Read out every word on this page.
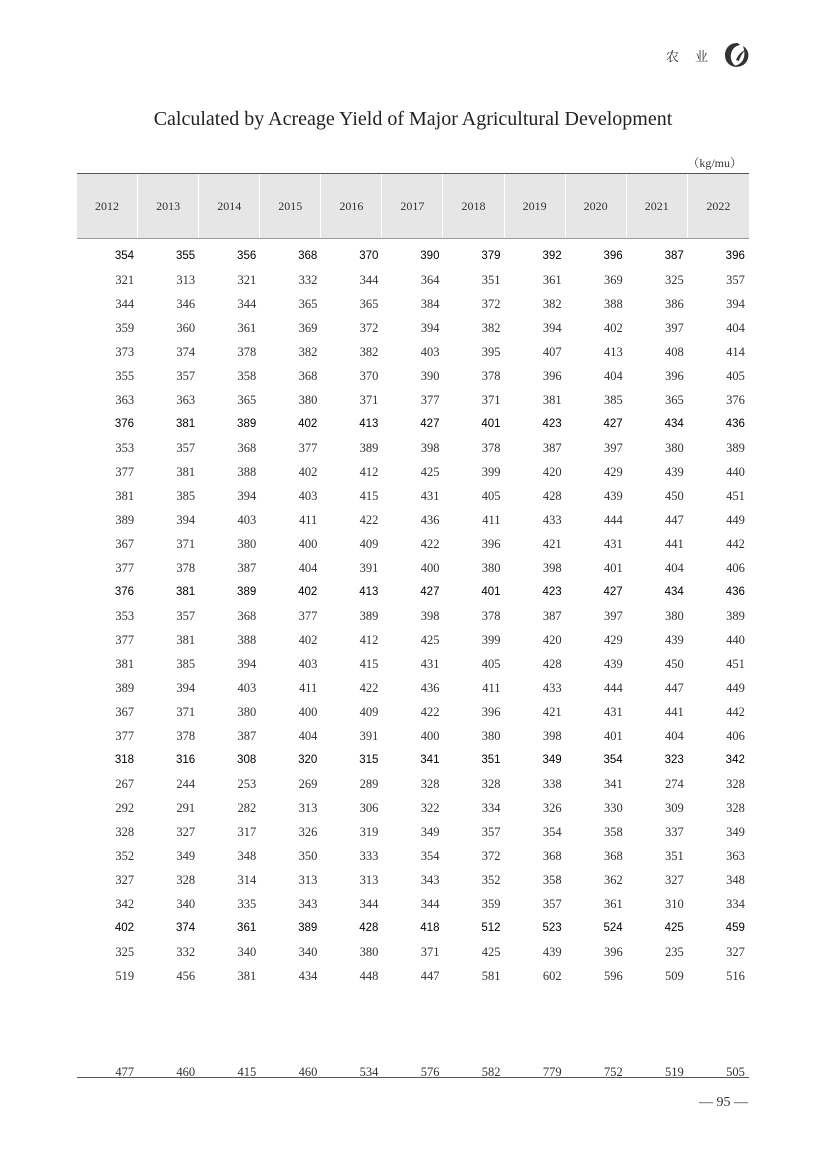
农 业
Calculated by Acreage Yield of Major Agricultural Development
（kg/mu）
2012	2013	2014	2015	2016	2017	2018	2019	2020	2021	2022
354	355	356	368	370	390	379	392	396	387	396
321	313	321	332	344	364	351	361	369	325	357
344	346	344	365	365	384	372	382	388	386	394
359	360	361	369	372	394	382	394	402	397	404
373	374	378	382	382	403	395	407	413	408	414
355	357	358	368	370	390	378	396	404	396	405
363	363	365	380	371	377	371	381	385	365	376
376	381	389	402	413	427	401	423	427	434	436
353	357	368	377	389	398	378	387	397	380	389
377	381	388	402	412	425	399	420	429	439	440
381	385	394	403	415	431	405	428	439	450	451
389	394	403	411	422	436	411	433	444	447	449
367	371	380	400	409	422	396	421	431	441	442
377	378	387	404	391	400	380	398	401	404	406
376	381	389	402	413	427	401	423	427	434	436
353	357	368	377	389	398	378	387	397	380	389
377	381	388	402	412	425	399	420	429	439	440
381	385	394	403	415	431	405	428	439	450	451
389	394	403	411	422	436	411	433	444	447	449
367	371	380	400	409	422	396	421	431	441	442
377	378	387	404	391	400	380	398	401	404	406
318	316	308	320	315	341	351	349	354	323	342
267	244	253	269	289	328	328	338	341	274	328
292	291	282	313	306	322	334	326	330	309	328
328	327	317	326	319	349	357	354	358	337	349
352	349	348	350	333	354	372	368	368	351	363
327	328	314	313	313	343	352	358	362	327	348
342	340	335	343	344	344	359	357	361	310	334
402	374	361	389	428	418	512	523	524	425	459
325	332	340	340	380	371	425	439	396	235	327
519	456	381	434	448	447	581	602	596	509	516
477	460	415	460	534	576	582	779	752	519	505
— 95 —
